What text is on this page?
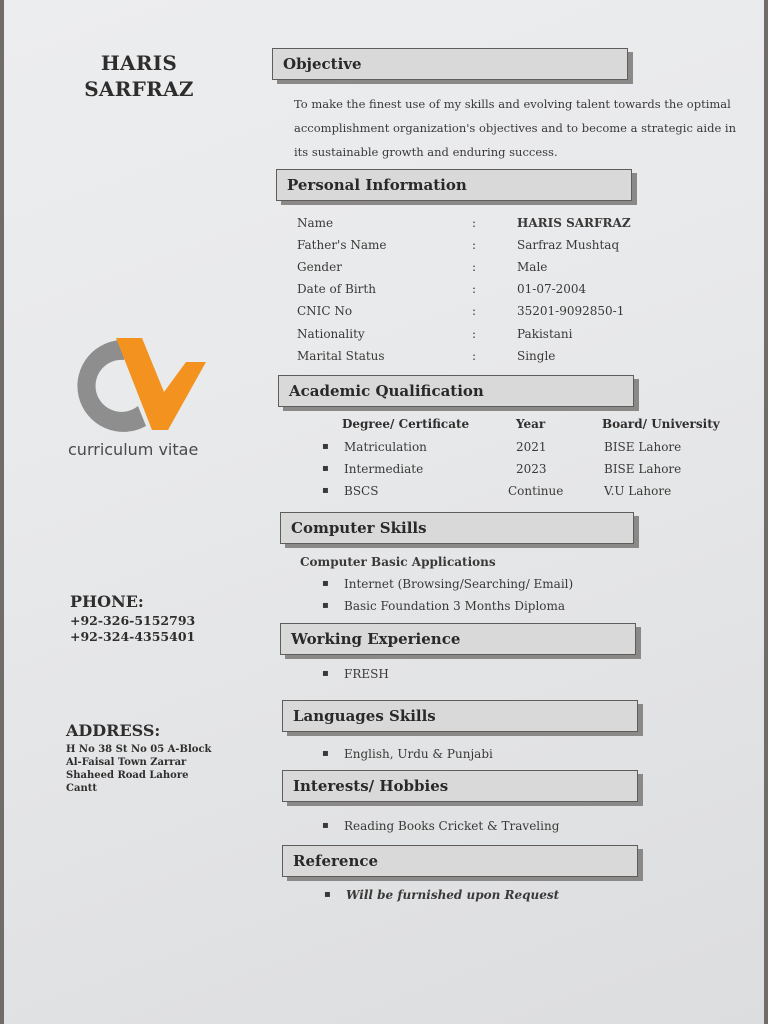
HARIS SARFRAZ
curriculum vitae
PHONE:
+92-326-5152793
+92-324-4355401
ADDRESS:
H No 38 St No 05 A-Block
Al-Faisal Town Zarrar
Shaheed Road Lahore
Cantt
Objective
To make the finest use of my skills and evolving talent towards the optimal
accomplishment organization's objectives and to become a strategic aide in
its sustainable growth and enduring success.
Personal Information
Name	:	HARIS SARFRAZ
Father's Name	:	Sarfraz Mushtaq
Gender	:	Male
Date of Birth	:	01-07-2004
CNIC No	:	35201-9092850-1
Nationality	:	Pakistani
Marital Status	:	Single
Academic Qualification
Degree/ Certificate	Year	Board/ University
▪ Matriculation	2021	BISE Lahore
▪ Intermediate	2023	BISE Lahore
▪ BSCS	Continue	V.U Lahore
Computer Skills
Computer Basic Applications
▪ Internet (Browsing/Searching/ Email)
▪ Basic Foundation 3 Months Diploma
Working Experience
▪ FRESH
Languages Skills
▪ English, Urdu & Punjabi
Interests/ Hobbies
▪ Reading Books Cricket & Traveling
Reference
▪ Will be furnished upon Request
